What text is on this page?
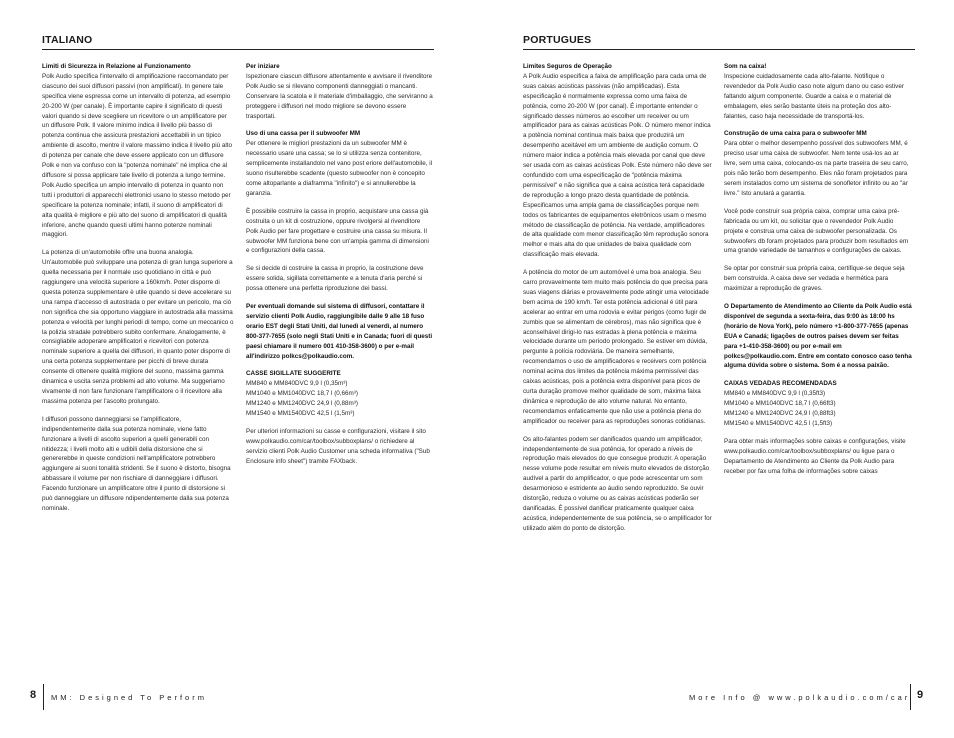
ITALIANO

Limiti di Sicurezza in Relazione al Funzionamento

Polk Audio specifica l'intervallo di amplificazione raccomandato per ciascuno dei suoi diffusori passivi (non amplificati). In genere tale specifica viene espressa come un intervallo di potenza, ad esempio 20-200 W (per canale). È importante capire il significato di questi valori quando si deve scegliere un ricevitore o un amplificatore per un diffusore Polk. Il valore minimo indica il livello più basso di potenza continua che assicura prestazioni accettabili in un tipico ambiente di ascolto, mentre il valore massimo indica il livello più alto di potenza per canale che deve essere applicato con un diffusore Polk e non va confuso con la "potenza nominale" né implica che al diffusore si possa applicare tale livello di potenza a lungo termine. Polk Audio specifica un ampio intervallo di potenza in quanto non tutti i produttori di apparecchi elettronici usano lo stesso metodo per specificare la potenza nominale; infatti, il suono di amplificatori di alta qualità è migliore e più alto del suono di amplificatori di qualità inferiore, anche quando questi ultimi hanno potenze nominali maggiori.

La potenza di un'automobile offre una buona analogia. Un'automobile può sviluppare una potenza di gran lunga superiore a quella necessaria per il normale uso quotidiano in città e può raggiungere una velocità superiore a 160km/h. Poter disporre di questa potenza supplementare è utile quando si deve accelerare su una rampa d'accesso di autostrada o per evitare un pericolo, ma ciò non significa che sia opportuno viaggiare in autostrada alla massima potenza e velocità per lunghi periodi di tempo, come un meccanico o la polizia stradale potrebbero subito confermare. Analogamente, è consigliabile adoperare amplificatori e ricevitori con potenza nominale superiore a quella dei diffusori, in quanto poter disporre di una certa potenza supplementare per picchi di breve durata consente di ottenere qualità migliore del suono, massima gamma dinamica e uscita senza problemi ad alto volume. Ma suggeriamo vivamente di non fare funzionare l'amplificatore o il ricevitore alla massima potenza per l'ascolto prolungato.

I diffusori possono danneggiarsi se l'amplificatore, indipendentemente dalla sua potenza nominale, viene fatto funzionare a livelli di ascolto superiori a quelli generabili con nitidezza; i livelli molto alti e udibili della distorsione che si genererebbe in queste condizioni nell'amplificatore potrebbero aggiungere ai suoni tonalità stridenti. Se il suono è distorto, bisogna abbassare il volume per non rischiare di danneggiare i diffusori. Facendo funzionare un amplificatore oltre il punto di distorsione si può danneggiare un diffusore ndipendentemente dalla sua potenza nominale.

Per iniziare

Ispezionare ciascun diffusore attentamente e avvisare il rivenditore Polk Audio se si rilevano componenti danneggiati o mancanti. Conservare la scatola e il materiale d'imballaggio, che serviranno a proteggere i diffusori nel modo migliore se devono essere trasportati.

Uso di una cassa per il subwoofer MM

Per ottenere le migliori prestazioni da un subwoofer MM è necessario usare una cassa; se lo si utilizza senza contenitore, semplicemente installandolo nel vano post eriore dell'automobile, il suono risulterebbe scadente (questo subwoofer non è concepito come altoparlante a diaframma "infinito") e si annullerebbe la garanzia.

È possibile costruire la cassa in proprio, acquistare una cassa già costruita o un kit di costruzione, oppure rivolgersi al rivenditore Polk Audio per fare progettare e costruire una cassa su misura. Il subwoofer MM funziona bene con un'ampia gamma di dimensioni e configurazioni della cassa.

Se si decide di costruire la cassa in proprio, la costruzione deve essere solida, sigillata correttamente e a tenuta d'aria perché si possa ottenere una perfetta riproduzione dei bassi.

Per eventuali domande sul sistema di diffusori, contattare il servizio clienti Polk Audio, raggiungibile dalle 9 alle 18 fuso orario EST degli Stati Uniti, dal lunedì al venerdì, al numero 800-377-7655 (solo negli Stati Uniti e in Canada; fuori di questi paesi chiamare il numero 001 410-358-3600) o per e-mail all'indirizzo polkcs@polkaudio.com.

CASSE SIGILLATE SUGGERITE

MM840 e MM840DVC 9,9 l (0,35m³)
MM1040 e MM1040DVC 18,7 l (0,66m³)
MM1240 e MM1240DVC 24,9 l (0,88m³)
MM1540 e MM1540DVC 42,5 l (1,5m³)

Per ulteriori informazioni su casse e configurazioni, visitare il sito www.polkaudio.com/car/toolbox/subboxplans/ o richiedere al servizio clienti Polk Audio Customer una scheda informativa ("Sub Enclosure info sheet") tramite FAXback.

8 MM: Designed To Perform
PORTUGUES

Limites Seguros de Operação

A Polk Audio especifica a faixa de amplificação para cada uma de suas caixas acústicas passivas (não amplificadas). Esta especificação é normalmente expressa como uma faixa de potência, como 20-200 W (por canal). É importante entender o significado desses números ao escolher um receiver ou um amplificador para as caixas acústicas Polk. O número menor indica a potência nominal contínua mais baixa que produzirá um desempenho aceitável em um ambiente de audição comum. O número maior indica a potência mais elevada por canal que deve ser usada com as caixas acústicas Polk. Este número não deve ser confundido com uma especificação de "potência máxima permissível" e não significa que a caixa acústica terá capacidade de reprodução a longo prazo desta quantidade de potência. Especificamos uma ampla gama de classificações porque nem todos os fabricantes de equipamentos eletrônicos usam o mesmo método de classificação de potência. Na verdade, amplificadores de alta qualidade com menor classificação têm reprodução sonora melhor e mais alta do que unidades de baixa qualidade com classificação mais elevada.

A potência do motor de um automóvel é uma boa analogia. Seu carro provavelmente tem muito mais potência do que precisa para suas viagens diárias e provavelmente pode atingir uma velocidade bem acima de 190 km/h. Ter esta potência adicional é útil para acelerar ao entrar em uma rodovia e evitar perigos (como fugir de zumbis que se alimentam de cérebros), mas não significa que é aconselhável dirigi-lo nas estradas à plena potência e máxima velocidade durante um período prolongado. Se estiver em dúvida, pergunte à polícia rodoviária. De maneira semelhante, recomendamos o uso de amplificadores e receivers com potência nominal acima dos limites da potência máxima permissível das caixas acústicas, pois a potência extra disponível para picos de curta duração promove melhor qualidade de som, máxima faixa dinâmica e reprodução de alto volume natural. No entanto, recomendamos enfaticamente que não use a potência plena do amplificador ou receiver para as reproduções sonoras cotidianas.

Os alto-falantes podem ser danificados quando um amplificador, independentemente de sua potência, for operado a níveis de reprodução mais elevados do que consegue produzir. A operação nesse volume pode resultar em níveis muito elevados de distorção audível a partir do amplificador, o que pode acrescentar um som desarmonioso e estridente ao áudio sendo reproduzido. Se ouvir distorção, reduza o volume ou as caixas acústicas poderão ser danificadas. É possível danificar praticamente qualquer caixa acústica, independentemente de sua potência, se o amplificador for utilizado além do ponto de distorção.

Som na caixa!

Inspecione cuidadosamente cada alto-falante. Notifique o revendedor da Polk Audio caso note algum dano ou caso estiver faltando algum componente. Guarde a caixa e o material de embalagem, eles serão bastante úteis na proteção dos alto-falantes, caso haja necessidade de transportá-los.

Construção de uma caixa para o subwoofer MM

Para obter o melhor desempenho possível dos subwoofers MM, é preciso usar uma caixa de subwoofer. Nem tente usá-los ao ar livre, sem uma caixa, colocando-os na parte traseira de seu carro, pois não terão bom desempenho. Eles não foram projetados para serem instalados como um sistema de sonofletor infinito ou ao "ar livre." Isto anulará a garantia.

Você pode construir sua própria caixa, comprar uma caixa pré-fabricada ou um kit, ou solicitar que o revendedor Polk Audio projete e construa uma caixa de subwoofer personalizada. Os subwoofers db foram projetados para produzir bom resultados em uma grande variedade de tamanhos e configurações de caixas.

Se optar por construir sua própria caixa, certifique-se deque seja bem construída. A caixa deve ser vedada e hermética para maximizar a reprodução de graves.

O Departamento de Atendimento ao Cliente da Polk Audio está disponível de segunda a sexta-feira, das 9:00 às 18:00 hs (horário de Nova York), pelo número +1-800-377-7655 (apenas EUA e Canadá; ligações de outros países devem ser feitas para +1-410-358-3600) ou por e-mail em polkcs@polkaudio.com. Entre em contato conosco caso tenha alguma dúvida sobre o sistema. Som é a nossa paixão.

CAIXAS VEDADAS RECOMENDADAS

MM840 e MM840DVC 9,9 l (0,35ft3)
MM1040 e MM1040DVC 18,7 l (0,66ft3)
MM1240 e MM1240DVC 24,9 l (0,88ft3)
MM1540 e MM1540DVC 42,5 l (1,5ft3)

Para obter mais informações sobre caixas e configurações, visite www.polkaudio.com/car/toolbox/subboxplans/ ou ligue para o Departamento de Atendimento ao Cliente da Polk Audio para receber por fax uma folha de informações sobre caixas

More Info @ www.polkaudio.com/car 9
